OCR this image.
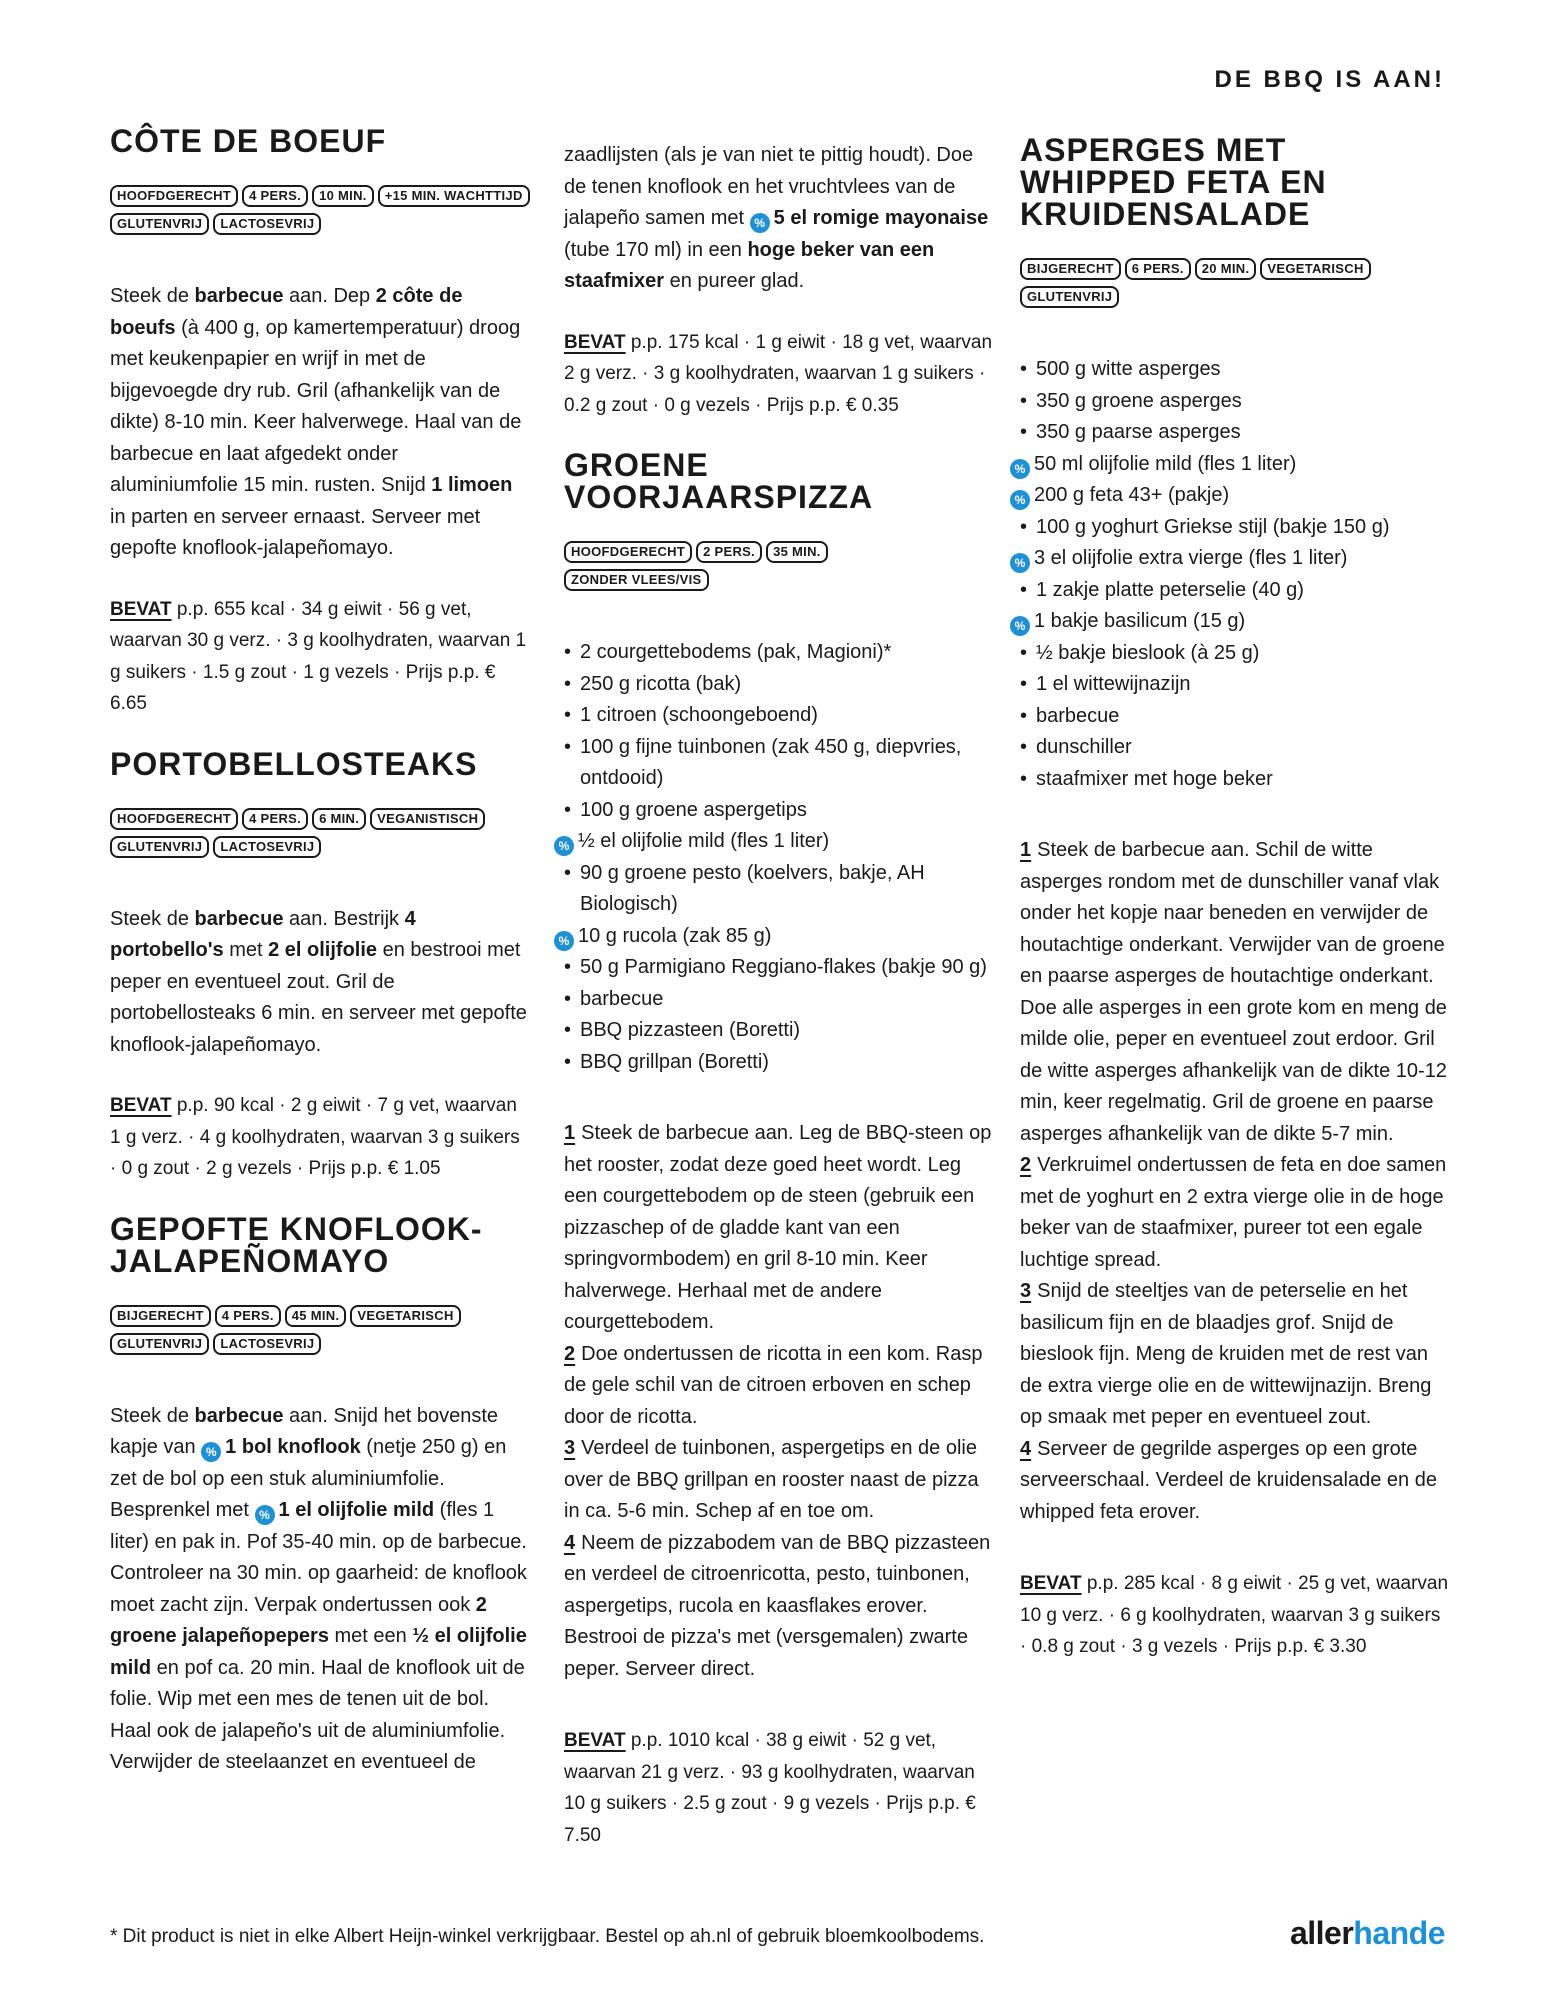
DE BBQ IS AAN!
CÔTE DE BOEUF
HOOFDGERECHT	4 PERS.	10 MIN.	+15 MIN. WACHTTIJD
GLUTENVRIJ	LACTOSEVRIJ

Steek de barbecue aan. Dep 2 côte de boeufs (à 400 g, op kamertemperatuur) droog met keukenpapier en wrijf in met de bijgevoegde dry rub. Gril (afhankelijk van de dikte) 8-10 min. Keer halverwege. Haal van de barbecue en laat afgedekt onder aluminiumfolie 15 min. rusten. Snijd 1 limoen in parten en serveer ernaast. Serveer met gepofte knoflook-jalapeñomayo.

BEVAT p.p. 655 kcal · 34 g eiwit · 56 g vet, waarvan 30 g verz. · 3 g koolhydraten, waarvan 1 g suikers · 1.5 g zout · 1 g vezels · Prijs p.p. € 6.65

PORTOBELLOSTEAKS
HOOFDGERECHT	4 PERS.	6 MIN.	VEGANISTISCH
GLUTENVRIJ	LACTOSEVRIJ

Steek de barbecue aan. Bestrijk 4 portobello's met 2 el olijfolie en bestrooi met peper en eventueel zout. Gril de portobellosteaks 6 min. en serveer met gepofte knoflook-jalapeñomayo.

BEVAT p.p. 90 kcal · 2 g eiwit · 7 g vet, waarvan 1 g verz. · 4 g koolhydraten, waarvan 3 g suikers · 0 g zout · 2 g vezels · Prijs p.p. € 1.05

GEPOFTE KNOFLOOK-JALAPEÑOMAYO
BIJGERECHT	4 PERS.	45 MIN.	VEGETARISCH
GLUTENVRIJ	LACTOSEVRIJ

Steek de barbecue aan. Snijd het bovenste kapje van % 1 bol knoflook (netje 250 g) en zet de bol op een stuk aluminiumfolie. Besprenkel met % 1 el olijfolie mild (fles 1 liter) en pak in. Pof 35-40 min. op de barbecue. Controleer na 30 min. op gaarheid: de knoflook moet zacht zijn. Verpak ondertussen ook 2 groene jalapeñopepers met een ½ el olijfolie mild en pof ca. 20 min. Haal de knoflook uit de folie. Wip met een mes de tenen uit de bol. Haal ook de jalapeño's uit de aluminiumfolie. Verwijder de steelaanzet en eventueel de

zaadlijsten (als je van niet te pittig houdt). Doe de tenen knoflook en het vruchtvlees van de jalapeño samen met % 5 el romige mayonaise (tube 170 ml) in een hoge beker van een staafmixer en pureer glad.

BEVAT p.p. 175 kcal · 1 g eiwit · 18 g vet, waarvan 2 g verz. · 3 g koolhydraten, waarvan 1 g suikers · 0.2 g zout · 0 g vezels · Prijs p.p. € 0.35

GROENE VOORJAARSPIZZA
HOOFDGERECHT	2 PERS.	35 MIN.
ZONDER VLEES/VIS
• 2 courgettebodems (pak, Magioni)*
• 250 g ricotta (bak)
• 1 citroen (schoongeboend)
• 100 g fijne tuinbonen (zak 450 g, diepvries, ontdooid)
• 100 g groene aspergetips
% ½ el olijfolie mild (fles 1 liter)
• 90 g groene pesto (koelvers, bakje, AH Biologisch)
% 10 g rucola (zak 85 g)
• 50 g Parmigiano Reggiano-flakes (bakje 90 g)
• barbecue
• BBQ pizzasteen (Boretti)
• BBQ grillpan (Boretti)

1 Steek de barbecue aan. Leg de BBQ-steen op het rooster, zodat deze goed heet wordt. Leg een courgettebodem op de steen (gebruik een pizzaschep of de gladde kant van een springvormbodem) en gril 8-10 min. Keer halverwege. Herhaal met de andere courgettebodem.

2 Doe ondertussen de ricotta in een kom. Rasp de gele schil van de citroen erboven en schep door de ricotta.

3 Verdeel de tuinbonen, aspergetips en de olie over de BBQ grillpan en rooster naast de pizza in ca. 5-6 min. Schep af en toe om.

4 Neem de pizzabodem van de BBQ pizzasteen en verdeel de citroenricotta, pesto, tuinbonen, aspergetips, rucola en kaasflakes erover. Bestrooi de pizza's met (versgemalen) zwarte peper. Serveer direct.

BEVAT p.p. 1010 kcal · 38 g eiwit · 52 g vet, waarvan 21 g verz. · 93 g koolhydraten, waarvan 10 g suikers · 2.5 g zout · 9 g vezels · Prijs p.p. € 7.50

ASPERGES MET WHIPPED FETA EN KRUIDENSALADE
BIJGERECHT	6 PERS.	20 MIN.	VEGETARISCH
GLUTENVRIJ
• 500 g witte asperges
• 350 g groene asperges
• 350 g paarse asperges
% 50 ml olijfolie mild (fles 1 liter)
% 200 g feta 43+ (pakje)
• 100 g yoghurt Griekse stijl (bakje 150 g)
% 3 el olijfolie extra vierge (fles 1 liter)
• 1 zakje platte peterselie (40 g)
% 1 bakje basilicum (15 g)
• ½ bakje bieslook (à 25 g)
• 1 el wittewijnazijn
• barbecue
• dunschiller
• staafmixer met hoge beker

1 Steek de barbecue aan. Schil de witte asperges rondom met de dunschiller vanaf vlak onder het kopje naar beneden en verwijder de houtachtige onderkant. Verwijder van de groene en paarse asperges de houtachtige onderkant. Doe alle asperges in een grote kom en meng de milde olie, peper en eventueel zout erdoor. Gril de witte asperges afhankelijk van de dikte 10-12 min, keer regelmatig. Gril de groene en paarse asperges afhankelijk van de dikte 5-7 min.

2 Verkruimel ondertussen de feta en doe samen met de yoghurt en 2 extra vierge olie in de hoge beker van de staafmixer, pureer tot een egale luchtige spread.

3 Snijd de steeltjes van de peterselie en het basilicum fijn en de blaadjes grof. Snijd de bieslook fijn. Meng de kruiden met de rest van de extra vierge olie en de wittewijnazijn. Breng op smaak met peper en eventueel zout.

4 Serveer de gegrilde asperges op een grote serveerschaal. Verdeel de kruidensalade en de whipped feta erover.

BEVAT p.p. 285 kcal · 8 g eiwit · 25 g vet, waarvan 10 g verz. · 6 g koolhydraten, waarvan 3 g suikers · 0.8 g zout · 3 g vezels · Prijs p.p. € 3.30

* Dit product is niet in elke Albert Heijn-winkel verkrijgbaar. Bestel op ah.nl of gebruik bloemkoolbodems.	allerhande
